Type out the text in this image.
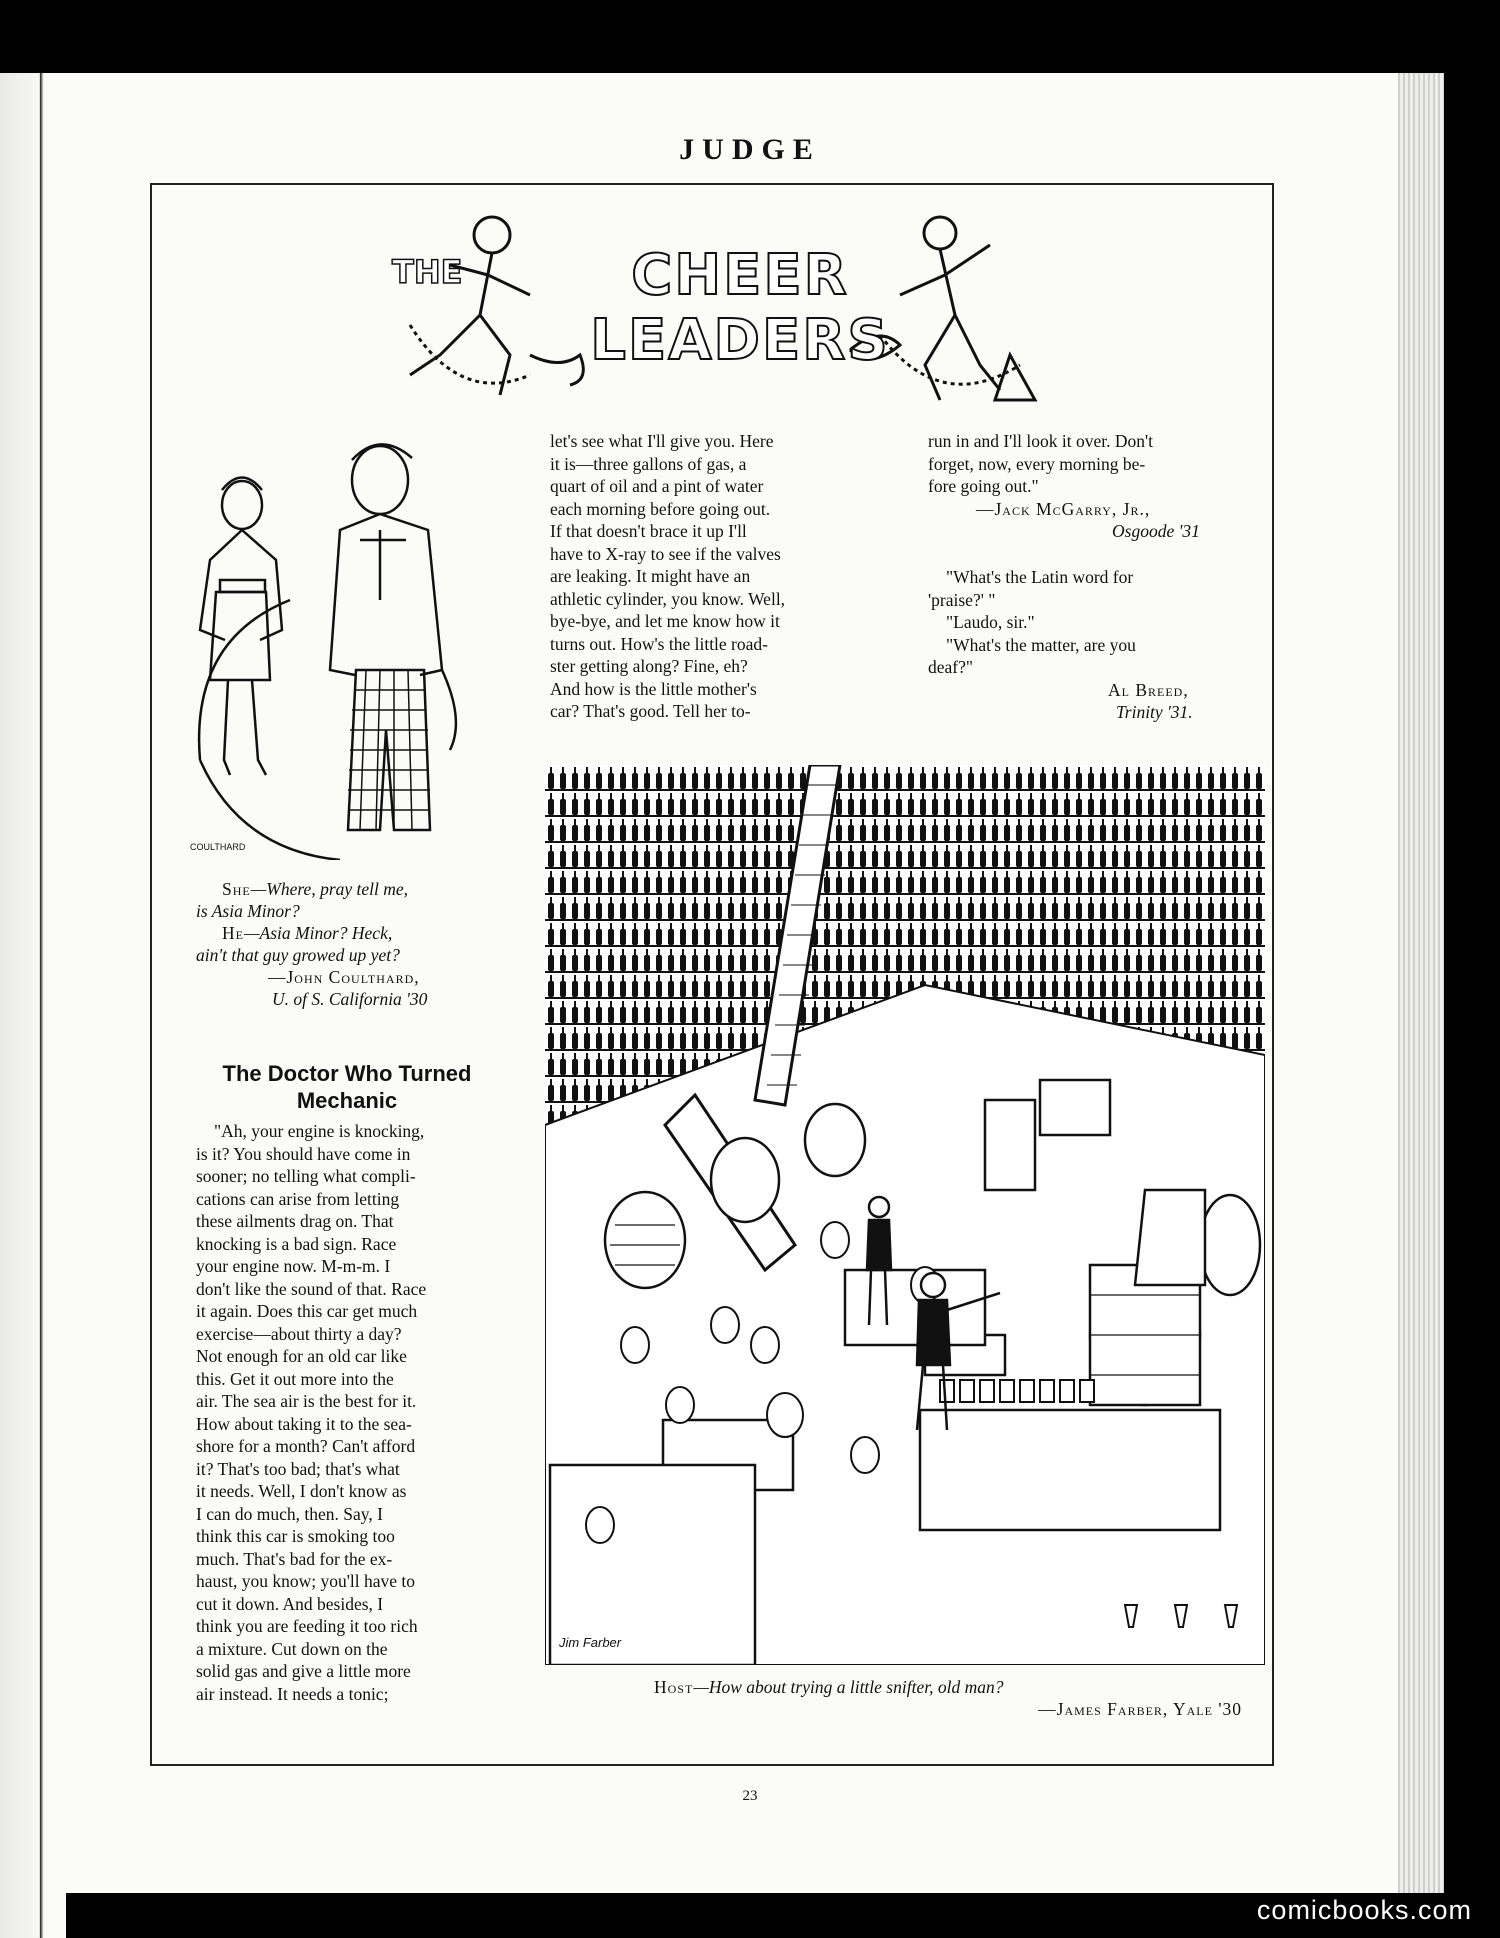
JUDGE
THE	CHEER LEADERS
COULTHARD
She—Where, pray tell me,
is Asia Minor?
He—Asia Minor? Heck,
ain't that guy growed up yet?
—John Coulthard,
U. of S. California '30
The Doctor Who Turned
Mechanic

"Ah, your engine is knocking,

is it? You should have come in

sooner; no telling what compli-

cations can arise from letting

these ailments drag on. That

knocking is a bad sign. Race

your engine now. M-m-m. I

don't like the sound of that. Race

it again. Does this car get much

exercise—about thirty a day?

Not enough for an old car like

this. Get it out more into the

air. The sea air is the best for it.

How about taking it to the sea-

shore for a month? Can't afford

it? That's too bad; that's what

it needs. Well, I don't know as

I can do much, then. Say, I

think this car is smoking too

much. That's bad for the ex-

haust, you know; you'll have to

cut it down. And besides, I

think you are feeding it too rich

a mixture. Cut down on the

solid gas and give a little more

air instead. It needs a tonic;

let's see what I'll give you. Here

it is—three gallons of gas, a

quart of oil and a pint of water

each morning before going out.

If that doesn't brace it up I'll

have to X-ray to see if the valves

are leaking. It might have an

athletic cylinder, you know. Well,

bye-bye, and let me know how it

turns out. How's the little road-

ster getting along? Fine, eh?

And how is the little mother's

car? That's good. Tell her to-

run in and I'll look it over. Don't

forget, now, every morning be-

fore going out."

—Jack McGarry, Jr.,

Osgoode '31

"What's the Latin word for

'praise?' "

"Laudo, sir."

"What's the matter, are you

deaf?"

Al Breed,

Trinity '31.

Jim Farber
Host—How about trying a little snifter, old man?
—James Farber, Yale '30
23
comicbooks.com
